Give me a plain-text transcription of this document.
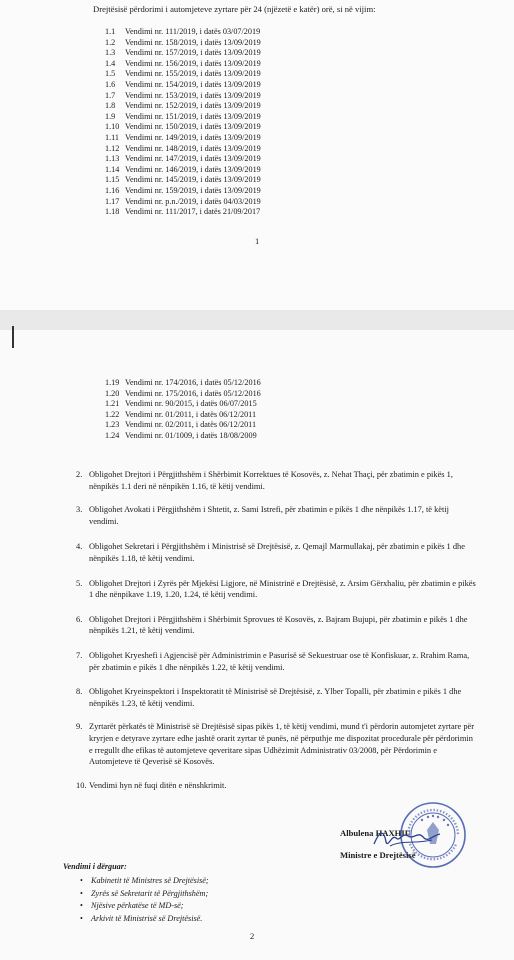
Drejtësisë përdorimi i automjeteve zyrtare për 24 (njëzetë e katër) orë, si në vijim:
1.1 Vendimi nr. 111/2019, i datës 03/07/2019
1.2 Vendimi nr. 158/2019, i datës 13/09/2019
1.3 Vendimi nr. 157/2019, i datës 13/09/2019
1.4 Vendimi nr. 156/2019, i datës 13/09/2019
1.5 Vendimi nr. 155/2019, i datës 13/09/2019
1.6 Vendimi nr. 154/2019, i datës 13/09/2019
1.7 Vendimi nr. 153/2019, i datës 13/09/2019
1.8 Vendimi nr. 152/2019, i datës 13/09/2019
1.9 Vendimi nr. 151/2019, i datës 13/09/2019
1.10 Vendimi nr. 150/2019, i datës 13/09/2019
1.11 Vendimi nr. 149/2019, i datës 13/09/2019
1.12 Vendimi nr. 148/2019, i datës 13/09/2019
1.13 Vendimi nr. 147/2019, i datës 13/09/2019
1.14 Vendimi nr. 146/2019, i datës 13/09/2019
1.15 Vendimi nr. 145/2019, i datës 13/09/2019
1.16 Vendimi nr. 159/2019, i datës 13/09/2019
1.17 Vendimi nr. p.n./2019, i datës 04/03/2019
1.18 Vendimi nr. 111/2017, i datës 21/09/2017
1
1.19 Vendimi nr. 174/2016, i datës 05/12/2016
1.20 Vendimi nr. 175/2016, i datës 05/12/2016
1.21 Vendimi nr. 90/2015, i datës 06/07/2015
1.22 Vendimi nr. 01/2011, i datës 06/12/2011
1.23 Vendimi nr. 02/2011, i datës 06/12/2011
1.24 Vendimi nr. 01/1009, i datës 18/08/2009
2. Obligohet Drejtori i Përgjithshëm i Shërbimit Korrektues të Kosovës, z. Nehat Thaçi, për zbatimin e pikës 1, nënpikës 1.1 deri në nënpikën 1.16, të këtij vendimi.
3. Obligohet Avokati i Përgjithshëm i Shtetit, z. Sami Istrefi, për zbatimin e pikës 1 dhe nënpikës 1.17, të këtij vendimi.
4. Obligohet Sekretari i Përgjithshëm i Ministrisë së Drejtësisë, z. Qemajl Marmullakaj, për zbatimin e pikës 1 dhe nënpikës 1.18, të këtij vendimi.
5. Obligohet Drejtori i Zyrës për Mjekësi Ligjore, në Ministrinë e Drejtësisë, z. Arsim Gërxhaliu, për zbatimin e pikës 1 dhe nënpikave 1.19, 1.20, 1.24, të këtij vendimi.
6. Obligohet Drejtori i Përgjithshëm i Shërbimit Sprovues të Kosovës, z. Bajram Bujupi, për zbatimin e pikës 1 dhe nënpikës 1.21, të këtij vendimi.
7. Obligohet Kryeshefi i Agjencisë për Administrimin e Pasurisë së Sekuestruar ose të Konfiskuar, z. Rrahim Rama, për zbatimin e pikës 1 dhe nënpikës 1.22, të këtij vendimi.
8. Obligohet Kryeinspektori i Inspektoratit të Ministrisë së Drejtësisë, z. Ylber Topalli, për zbatimin e pikës 1 dhe nënpikës 1.23, të këtij vendimi.
9. Zyrtarët përkatës të Ministrisë së Drejtësisë sipas pikës 1, të këtij vendimi, mund t'i përdorin automjetet zyrtare për kryrjen e detyrave zyrtare edhe jashtë orarit zyrtar të punës, në përputhje me dispozitat procedurale për përdorimin e rregullt dhe efikas të automjeteve qeveritare sipas Udhëzimit Administrativ 03/2008, për Përdorimin e Automjeteve të Qeverisë së Kosovës.
10. Vendimi hyn në fuqi ditën e nënshkrimit.
Albulena HAXHIU
Ministre e Drejtësisë
Vendimi i dërguar:
• Kabinetit të Ministres së Drejtësisë;
• Zyrës së Sekretarit të Përgjithshëm;
• Njësive përkatëse të MD-së;
• Arkivit të Ministrisë së Drejtësisë.
2
